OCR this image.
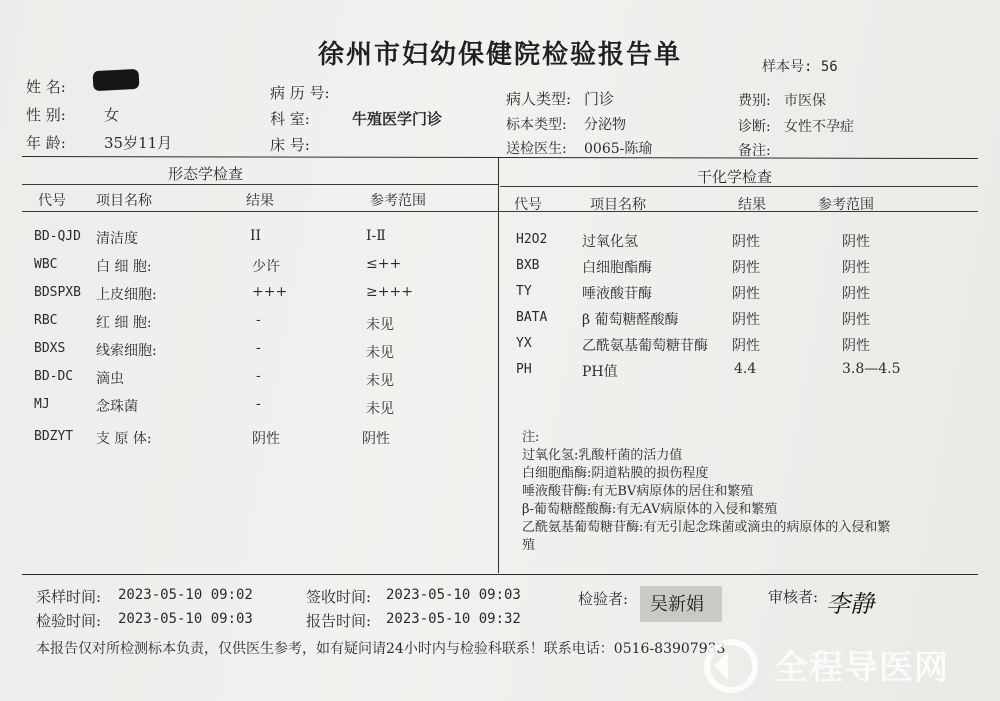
徐州市妇幼保健院检验报告单	样本号: 56
姓 名:
性 别:	女
年 龄:	35岁11月
病 历 号:
科 室:	牛殖医学门诊
床 号:
病人类型: 门诊
标本类型: 分泌物
送检医生: 0065-陈瑜
费别: 市医保
诊断: 女性不孕症
备注:
形态学检查	干化学检查
代号 项目名称	结果	参考范围	代号	项目名称	结果	参考范围
BD-QJD 清洁度	II	Ⅰ-Ⅱ
WBC	白 细 胞:	少许	≤++
BDSPXB 上皮细胞:	+++	≥+++
RBC	红 细 胞:	-	未见
BDXS 线索细胞:	-	未见
BD-DC 滴虫	-	未见
MJ	念珠菌	-	未见
BDZYT 支 原 体:	阴性	阴性
H2O2 过氧化氢	阴性	阴性
BXB	白细胞酯酶	阴性	阴性
TY	唾液酸苷酶	阴性	阴性
BATA β 葡萄糖醛酸酶	阴性	阴性
YX	乙酰氨基葡萄糖苷酶 阴性	阴性
PH	PH值	4.4	3.8—4.5
注:
过氧化氢:乳酸杆菌的活力值
白细胞酯酶:阴道粘膜的损伤程度
唾液酸苷酶:有无BV病原体的居住和繁殖
β-葡萄糖醛酸酶:有无AV病原体的入侵和繁殖
乙酰氨基葡萄糖苷酶:有无引起念珠菌或滴虫的病原体的入侵和繁
殖
采样时间: 2023-05-10 09:02	签收时间: 2023-05-10 09:03
检验时间: 2023-05-10 09:03	报告时间: 2023-05-10 09:32
检验者: 吴新娟	审核者: 李静
本报告仅对所检测标本负责，仅供医生参考，如有疑问请24小时内与检验科联系！联系电话：0516-83907933 全程导医网
